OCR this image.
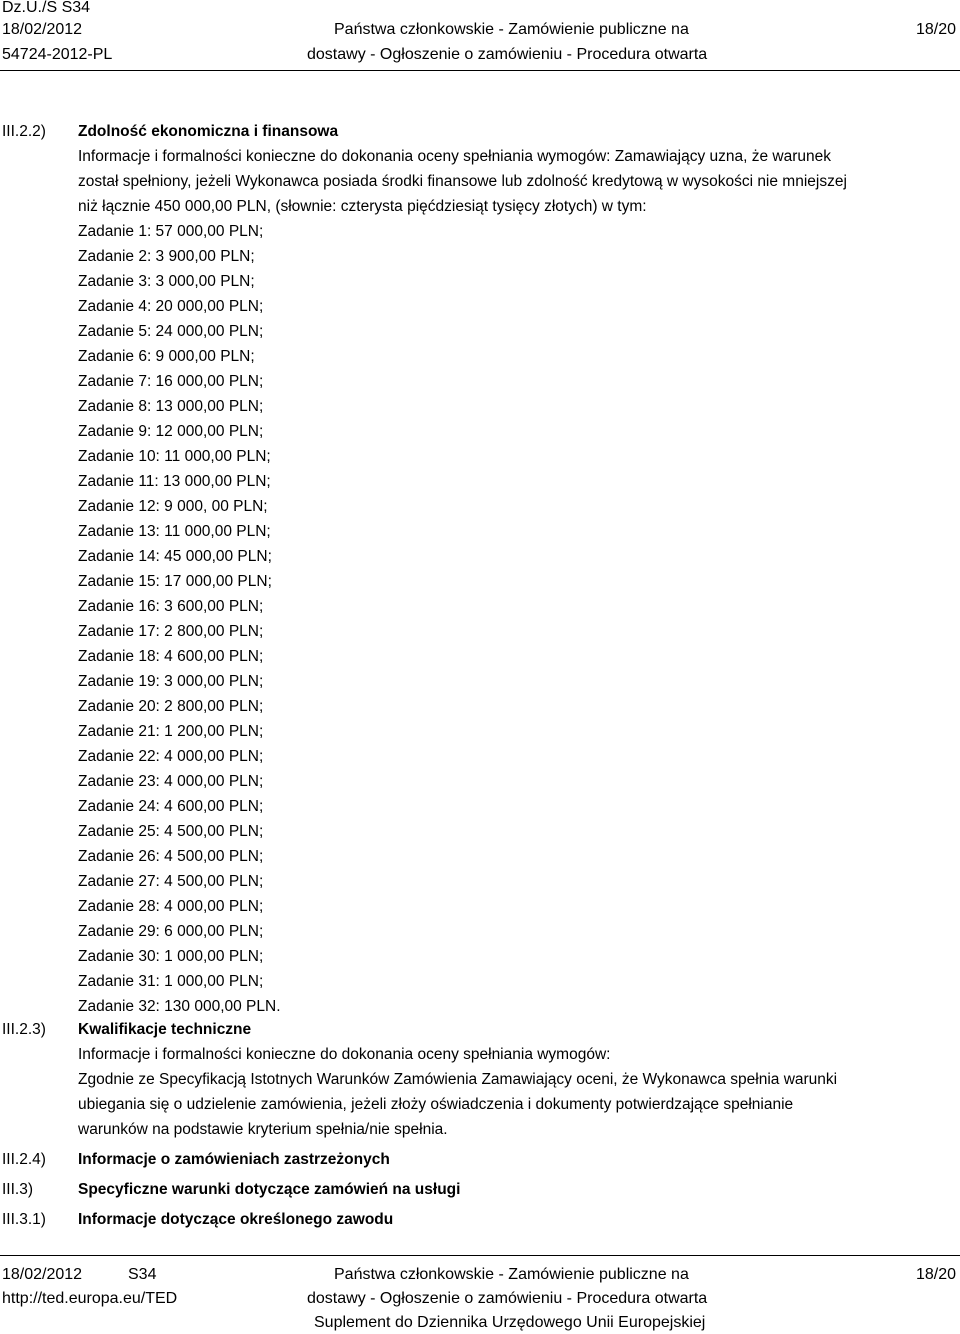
Dz.U./S S34
18/02/2012
54724-2012-PL
Państwa członkowskie - Zamówienie publiczne na
dostawy - Ogłoszenie o zamówieniu - Procedura otwarta
18/20
III.2.2) Zdolność ekonomiczna i finansowa
Informacje i formalności konieczne do dokonania oceny spełniania wymogów: Zamawiający uzna, że warunek
został spełniony, jeżeli Wykonawca posiada środki finansowe lub zdolność kredytową w wysokości nie mniejszej
niż łącznie 450 000,00 PLN, (słownie: czterysta pięćdziesiąt tysięcy złotych) w tym:
Zadanie 1: 57 000,00 PLN;
Zadanie 2: 3 900,00 PLN;
Zadanie 3: 3 000,00 PLN;
Zadanie 4: 20 000,00 PLN;
Zadanie 5: 24 000,00 PLN;
Zadanie 6: 9 000,00 PLN;
Zadanie 7: 16 000,00 PLN;
Zadanie 8: 13 000,00 PLN;
Zadanie 9: 12 000,00 PLN;
Zadanie 10: 11 000,00 PLN;
Zadanie 11: 13 000,00 PLN;
Zadanie 12: 9 000, 00 PLN;
Zadanie 13: 11 000,00 PLN;
Zadanie 14: 45 000,00 PLN;
Zadanie 15: 17 000,00 PLN;
Zadanie 16: 3 600,00 PLN;
Zadanie 17: 2 800,00 PLN;
Zadanie 18: 4 600,00 PLN;
Zadanie 19: 3 000,00 PLN;
Zadanie 20: 2 800,00 PLN;
Zadanie 21: 1 200,00 PLN;
Zadanie 22: 4 000,00 PLN;
Zadanie 23: 4 000,00 PLN;
Zadanie 24: 4 600,00 PLN;
Zadanie 25: 4 500,00 PLN;
Zadanie 26: 4 500,00 PLN;
Zadanie 27: 4 500,00 PLN;
Zadanie 28: 4 000,00 PLN;
Zadanie 29: 6 000,00 PLN;
Zadanie 30: 1 000,00 PLN;
Zadanie 31: 1 000,00 PLN;
Zadanie 32: 130 000,00 PLN.
III.2.3) Kwalifikacje techniczne
Informacje i formalności konieczne do dokonania oceny spełniania wymogów:
Zgodnie ze Specyfikacją Istotnych Warunków Zamówienia Zamawiający oceni, że Wykonawca spełnia warunki
ubiegania się o udzielenie zamówienia, jeżeli złoży oświadczenia i dokumenty potwierdzające spełnianie
warunków na podstawie kryterium spełnia/nie spełnia.
III.2.4) Informacje o zamówieniach zastrzeżonych
III.3)	Specyficzne warunki dotyczące zamówień na usługi
III.3.1) Informacje dotyczące określonego zawodu
18/02/2012	S34
http://ted.europa.eu/TED
Państwa członkowskie - Zamówienie publiczne na
dostawy - Ogłoszenie o zamówieniu - Procedura otwarta
Suplement do Dziennika Urzędowego Unii Europejskiej
18/20
